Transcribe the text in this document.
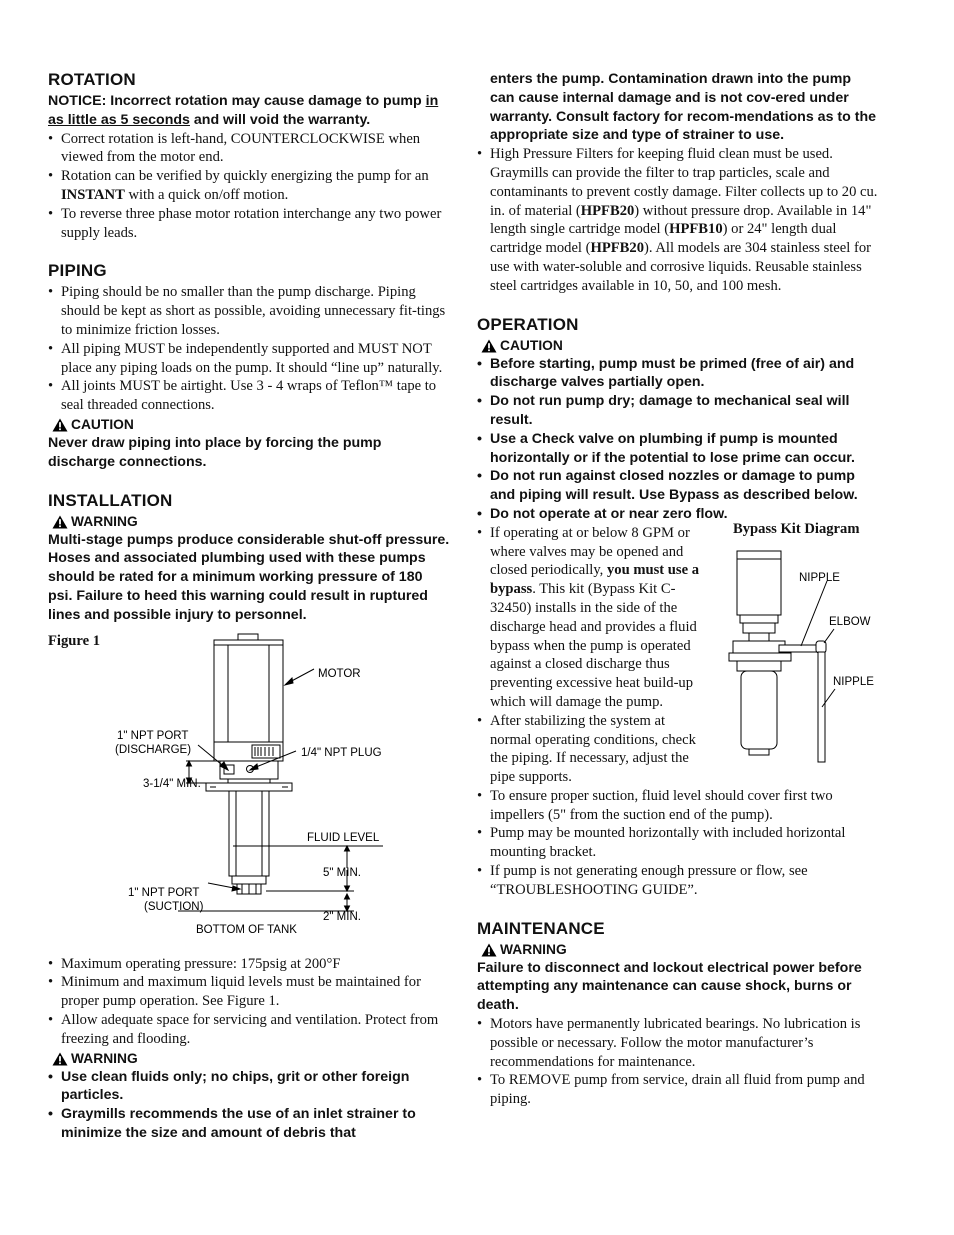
ROTATION
NOTICE: Incorrect rotation may cause damage to pump in as little as 5 seconds and will void the warranty.
• Correct rotation is left-hand, COUNTERCLOCKWISE when viewed from the motor end.
• Rotation can be verified by quickly energizing the pump for an INSTANT with a quick on/off motion.
• To reverse three phase motor rotation interchange any two power supply leads.
PIPING
• Piping should be no smaller than the pump discharge. Piping should be kept as short as possible, avoiding unnecessary fit-tings to minimize friction losses.
• All piping MUST be independently supported and MUST NOT place any piping loads on the pump. It should “line up” naturally.
• All joints MUST be airtight. Use 3 - 4 wraps of Teflon™ tape to seal threaded connections.
CAUTION
Never draw piping into place by forcing the pump discharge connections.
INSTALLATION
WARNING
Multi-stage pumps produce considerable shut-off pressure. Hoses and associated plumbing used with these pumps should be rated for a minimum working pressure of 180 psi. Failure to heed this warning could result in ruptured lines and possible injury to personnel.
Figure 1
MOTOR
1" NPT PORT
(DISCHARGE)	1/4" NPT PLUG
3-1/4" MIN.
FLUID LEVEL
5" MIN.
1" NPT PORT
(SUCTION)
2" MIN.
BOTTOM OF TANK
• Maximum operating pressure: 175psig at 200°F
• Minimum and maximum liquid levels must be maintained for proper pump operation. See Figure 1.
• Allow adequate space for servicing and ventilation. Protect from freezing and flooding.
WARNING
• Use clean fluids only; no chips, grit or other foreign particles.
• Graymills recommends the use of an inlet strainer to minimize the size and amount of debris that
enters the pump. Contamination drawn into the pump can cause internal damage and is not cov-ered under warranty. Consult factory for recom-mendations as to the appropriate size and type of strainer to use.
• High Pressure Filters for keeping fluid clean must be used. Graymills can provide the filter to trap particles, scale and contaminants to prevent costly damage. Filter collects up to 20 cu. in. of material (HPFB20) without pressure drop. Available in 14" length single cartridge model (HPFB10) or 24" length dual cartridge model (HPFB20). All models are 304 stainless steel for use with water-soluble and corrosive liquids. Reusable stainless steel cartridges available in 10, 50, and 100 mesh.
OPERATION
CAUTION
• Before starting, pump must be primed (free of air) and discharge valves partially open.
• Do not run pump dry; damage to mechanical seal will result.
• Use a Check valve on plumbing if pump is mounted horizontally or if the potential to lose prime can occur.
• Do not run against closed nozzles or damage to pump and piping will result. Use Bypass as described below.
• Do not operate at or near zero flow.
• If operating at or below 8 GPM or where valves may be opened and closed periodically, you must use a bypass. This kit (Bypass Kit C-32450) installs in the side of the discharge head and provides a fluid bypass when the pump is operated against a closed discharge thus preventing excessive heat build-up which will damage the pump.
• After stabilizing the system at normal operating conditions, check the piping. If necessary, adjust the pipe supports.
Bypass Kit Diagram
NIPPLE
ELBOW
NIPPLE
• To ensure proper suction, fluid level should cover first two impellers (5" from the suction end of the pump).
• Pump may be mounted horizontally with included horizontal mounting bracket.
• If pump is not generating enough pressure or flow, see “TROUBLESHOOTING GUIDE”.
MAINTENANCE
WARNING
Failure to disconnect and lockout electrical power before attempting any maintenance can cause shock, burns or death.
• Motors have permanently lubricated bearings. No lubrication is possible or necessary. Follow the motor manufacturer’s recommendations for maintenance.
• To REMOVE pump from service, drain all fluid from pump and piping.
